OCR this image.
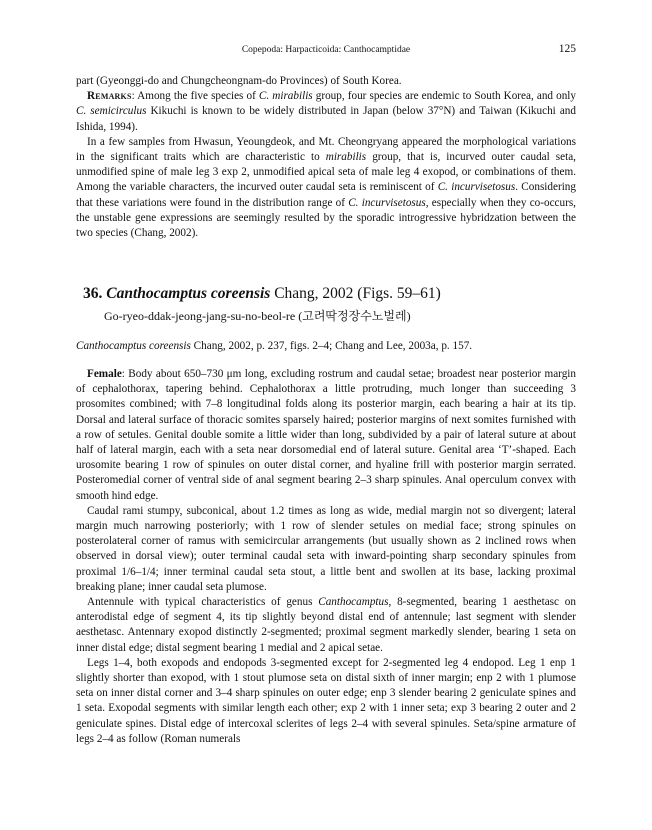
Copepoda: Harpacticoida: Canthocamptidae	125

part (Gyeonggi-do and Chungcheongnam-do Provinces) of South Korea.

Remarks: Among the five species of C. mirabilis group, four species are endemic to South Korea, and only C. semicirculus Kikuchi is known to be widely distributed in Japan (below 37°N) and Taiwan (Kikuchi and Ishida, 1994).

In a few samples from Hwasun, Yeoungdeok, and Mt. Cheongryang appeared the morphological variations in the significant traits which are characteristic to mirabilis group, that is, incurved outer caudal seta, unmodified spine of male leg 3 exp 2, unmodified apical seta of male leg 4 exopod, or combinations of them. Among the variable characters, the incurved outer caudal seta is reminiscent of C. incurvisetosus. Considering that these variations were found in the distribution range of C. incurvisetosus, especially when they co-occurs, the unstable gene expressions are seemingly resulted by the sporadic introgressive hybridzation between the two species (Chang, 2002).

36. Canthocamptus coreensis Chang, 2002 (Figs. 59–61)
Go-ryeo-ddak-jeong-jang-su-no-beol-re (고려딱정장수노벌레)
Canthocamptus coreensis Chang, 2002, p. 237, figs. 2–4; Chang and Lee, 2003a, p. 157.

Female: Body about 650–730 μm long, excluding rostrum and caudal setae; broadest near posterior margin of cephalothorax, tapering behind. Cephalothorax a little protruding, much longer than succeeding 3 prosomites combined; with 7–8 longitudinal folds along its posterior margin, each bearing a hair at its tip. Dorsal and lateral surface of thoracic somites sparsely haired; posterior margins of next somites furnished with a row of setules. Genital double somite a little wider than long, subdivided by a pair of lateral suture at about half of lateral margin, each with a seta near dorsomedial end of lateral suture. Genital area ‘T’-shaped. Each urosomite bearing 1 row of spinules on outer distal corner, and hyaline frill with posterior margin serrated. Posteromedial corner of ventral side of anal segment bearing 2–3 sharp spinules. Anal operculum convex with smooth hind edge.

Caudal rami stumpy, subconical, about 1.2 times as long as wide, medial margin not so divergent; lateral margin much narrowing posteriorly; with 1 row of slender setules on medial face; strong spinules on posterolateral corner of ramus with semicircular arrangements (but usually shown as 2 inclined rows when observed in dorsal view); outer terminal caudal seta with inward-pointing sharp secondary spinules from proximal 1/6–1/4; inner terminal caudal seta stout, a little bent and swollen at its base, lacking proximal breaking plane; inner caudal seta plumose.

Antennule with typical characteristics of genus Canthocamptus, 8-segmented, bearing 1 aesthetasc on anterodistal edge of segment 4, its tip slightly beyond distal end of antennule; last segment with slender aesthetasc. Antennary exopod distinctly 2-segmented; proximal segment markedly slender, bearing 1 seta on inner distal edge; distal segment bearing 1 medial and 2 apical setae.

Legs 1–4, both exopods and endopods 3-segmented except for 2-segmented leg 4 endopod. Leg 1 enp 1 slightly shorter than exopod, with 1 stout plumose seta on distal sixth of inner margin; enp 2 with 1 plumose seta on inner distal corner and 3–4 sharp spinules on outer edge; enp 3 slender bearing 2 geniculate spines and 1 seta. Exopodal segments with similar length each other; exp 2 with 1 inner seta; exp 3 bearing 2 outer and 2 geniculate spines. Distal edge of intercoxal sclerites of legs 2–4 with several spinules. Seta/spine armature of legs 2–4 as follow (Roman numerals
